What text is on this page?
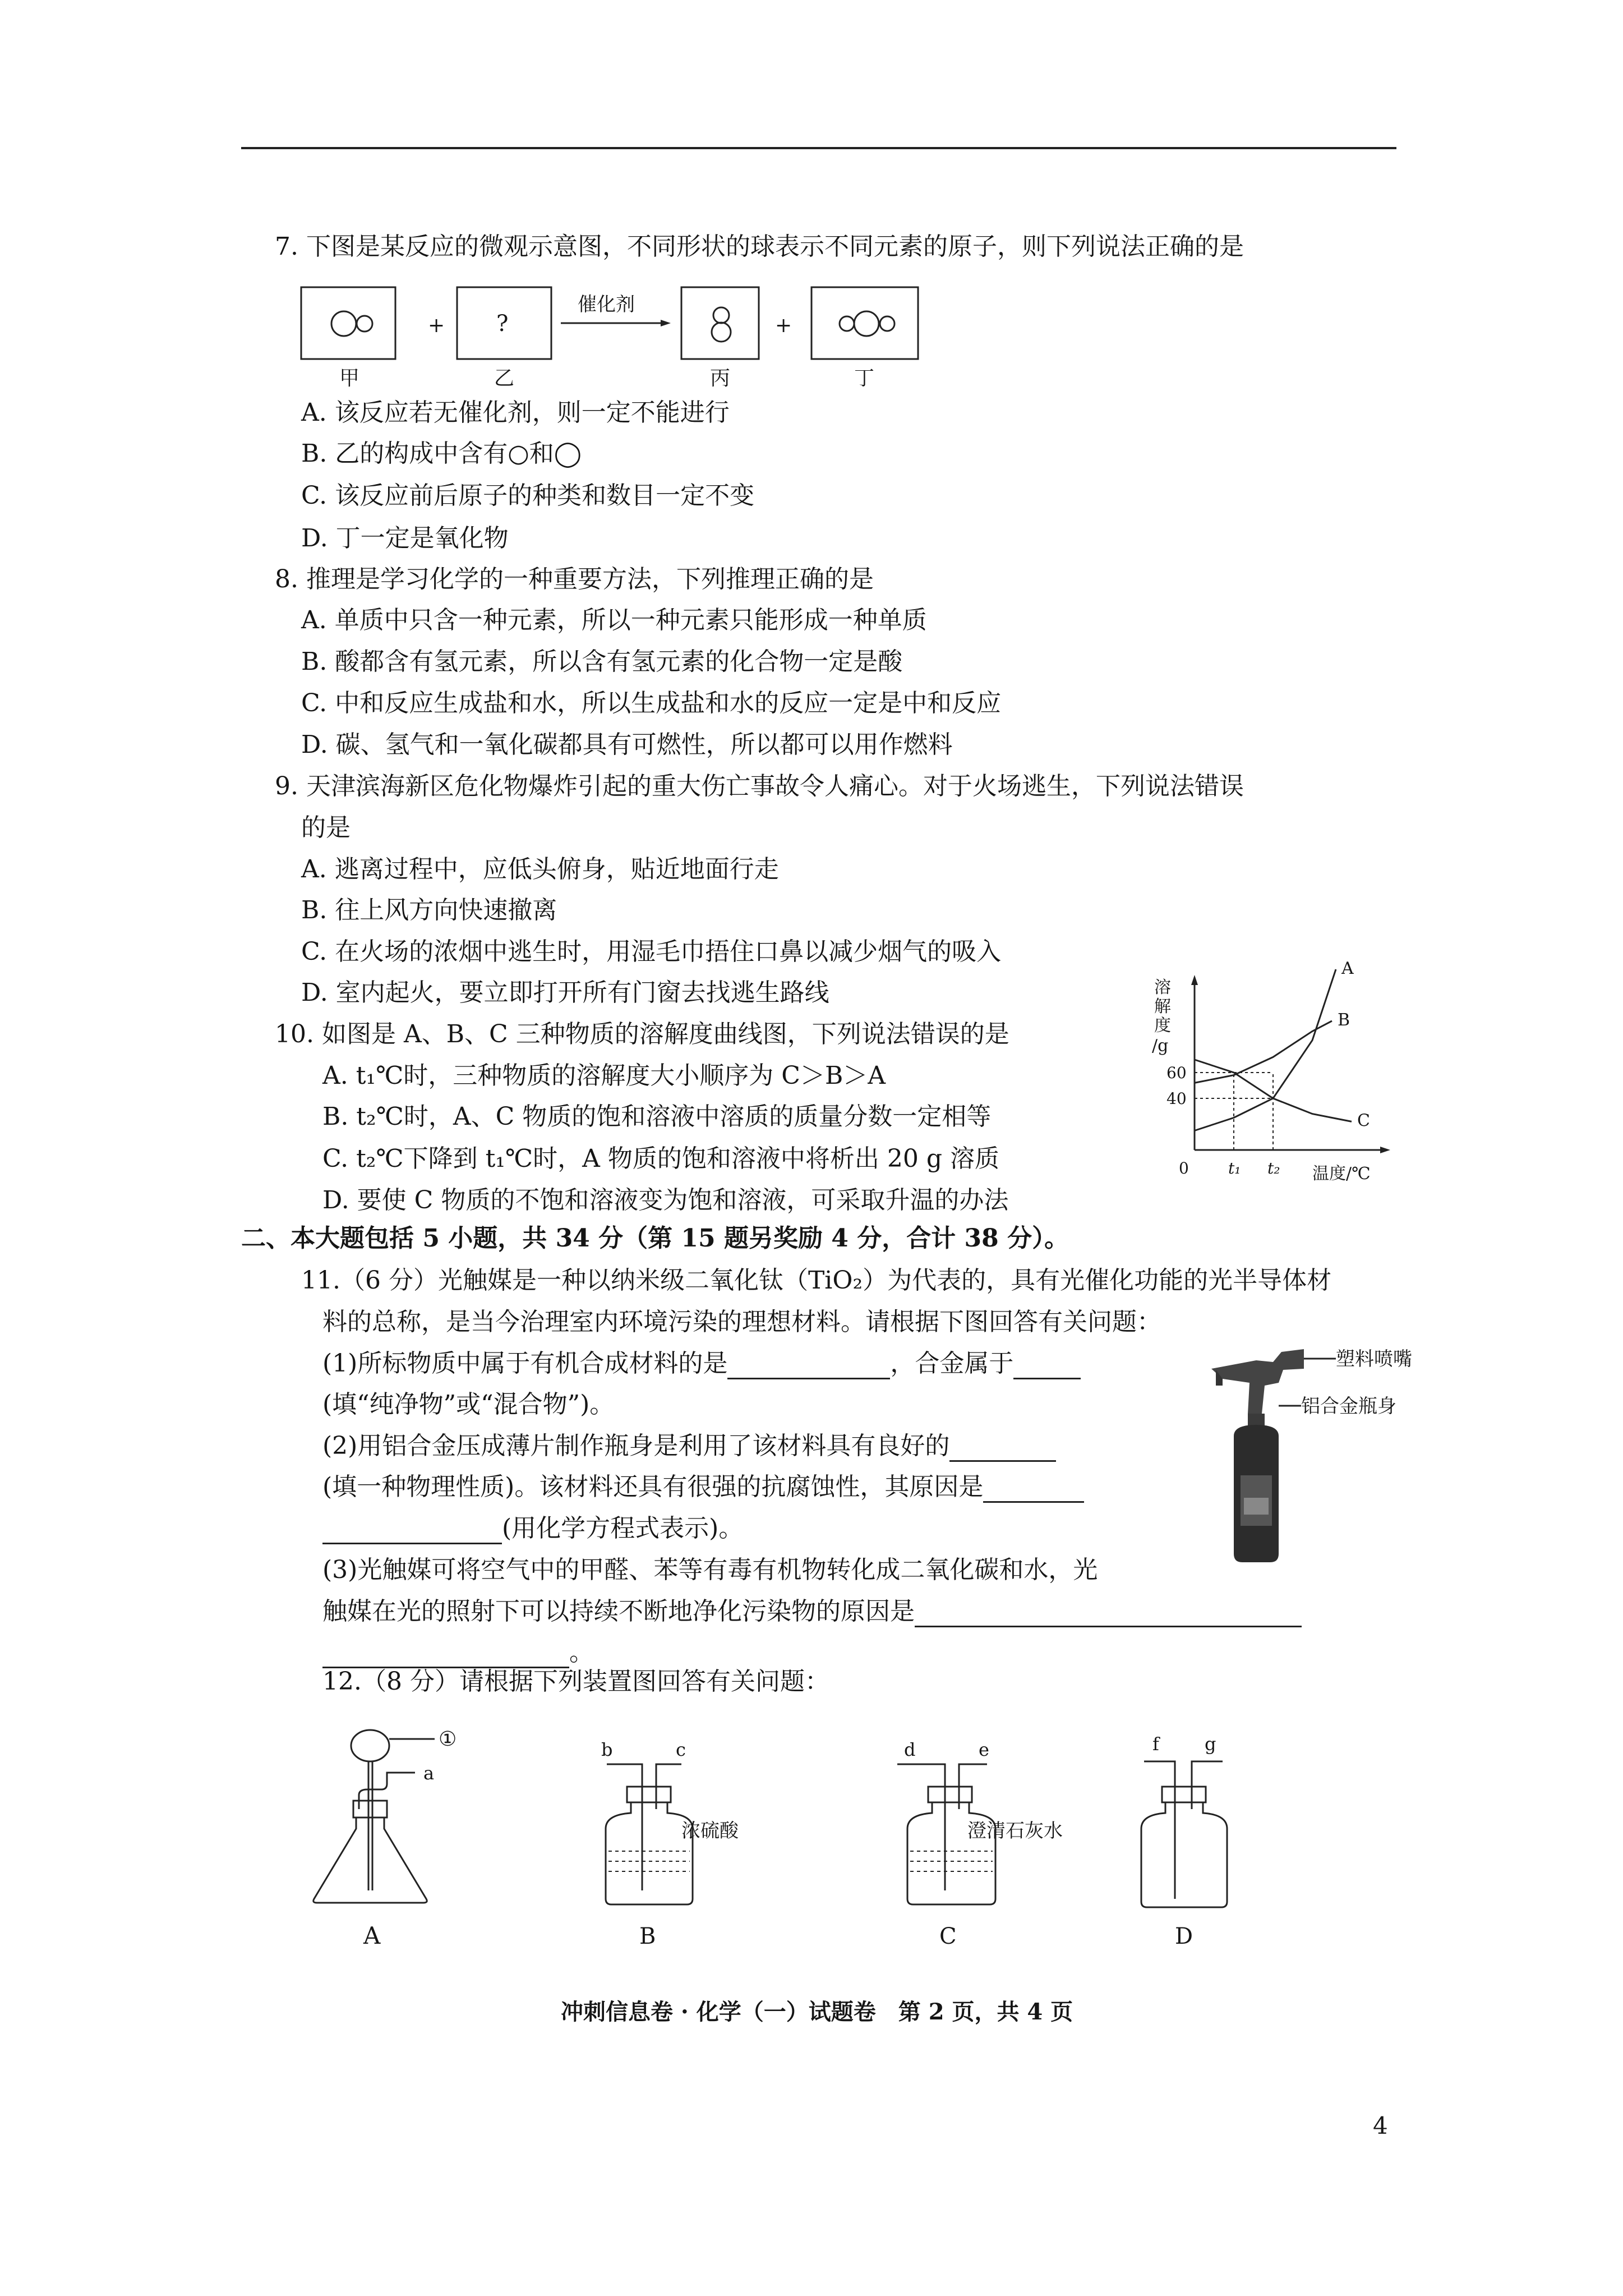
7. 下图是某反应的微观示意图，不同形状的球表示不同元素的原子，则下列说法正确的是
+ ?
催化剂
+
甲	乙	丙	丁
A. 该反应若无催化剂，则一定不能进行
B. 乙的构成中含有○和◯
C. 该反应前后原子的种类和数目一定不变
D. 丁一定是氧化物
8. 推理是学习化学的一种重要方法，下列推理正确的是
A. 单质中只含一种元素，所以一种元素只能形成一种单质
B. 酸都含有氢元素，所以含有氢元素的化合物一定是酸
C. 中和反应生成盐和水，所以生成盐和水的反应一定是中和反应
D. 碳、氢气和一氧化碳都具有可燃性，所以都可以用作燃料
9. 天津滨海新区危化物爆炸引起的重大伤亡事故令人痛心。对于火场逃生，下列说法错误
的是
A. 逃离过程中，应低头俯身，贴近地面行走
B. 往上风方向快速撤离
C. 在火场的浓烟中逃生时，用湿毛巾捂住口鼻以减少烟气的吸入
D. 室内起火，要立即打开所有门窗去找逃生路线
10. 如图是 A、B、C 三种物质的溶解度曲线图，下列说法错误的是
A. t₁℃时，三种物质的溶解度大小顺序为 C＞B＞A
B. t₂℃时，A、C 物质的饱和溶液中溶质的质量分数一定相等
C. t₂℃下降到 t₁℃时，A 物质的饱和溶液中将析出 20 g 溶质
D. 要使 C 物质的不饱和溶液变为饱和溶液，可采取升温的办法
溶
解
度
/g
40
60
t₁ t₂
0	温度/℃
A
B
C
二、本大题包括 5 小题，共 34 分（第 15 题另奖励 4 分，合计 38 分）。
11.（6 分）光触媒是一种以纳米级二氧化钛（TiO₂）为代表的，具有光催化功能的光半导体材
料的总称，是当今治理室内环境污染的理想材料。请根据下图回答有关问题：
(1)所标物质中属于有机合成材料的是	，合金属于
(填“纯净物”或“混合物”)。
(2)用铝合金压成薄片制作瓶身是利用了该材料具有良好的
(填一种物理性质)。该材料还具有很强的抗腐蚀性，其原因是
(用化学方程式表示)。
(3)光触媒可将空气中的甲醛、苯等有毒有机物转化成二氧化碳和水，光
触媒在光的照射下可以持续不断地净化污染物的原因是
。
塑料喷嘴
铝合金瓶身
12.（8 分）请根据下列装置图回答有关问题：
①
a
A
b	c
浓硫酸
B
d	e
澄清石灰水
C
f	g
D
冲刺信息卷 · 化学（一）试题卷　第 2 页，共 4 页
4
